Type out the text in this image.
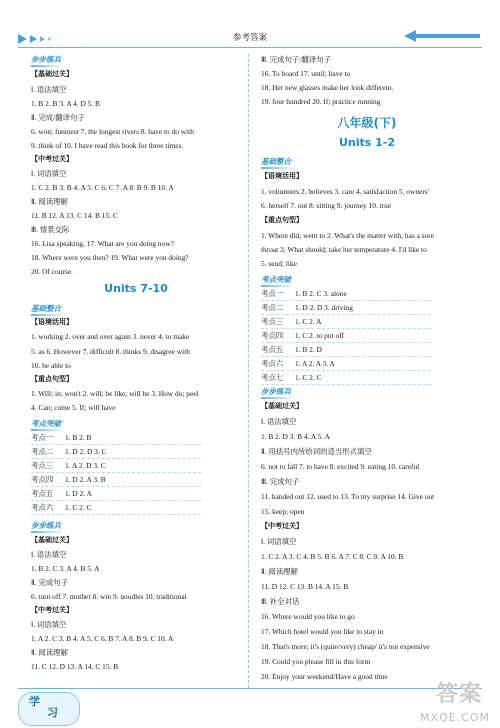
参考答案
步步练兵
【基础过关】
Ⅰ. 语法填空
1. B 2. B 3. A 4. D 5. B
Ⅱ. 完成/翻译句子
6. won; funniest 7. the longest rivers 8. have to do with
9. think of 10. I have read this book for three times.
【中考过关】
Ⅰ. 词语填空
1. C 2. B 3. B 4. A 5. C 6. C 7. A 8. B 9. B 10. A
Ⅱ. 阅读理解
11. B 12. A 13. C 14. B 15. C
Ⅲ. 情景交际
16. Lisa speaking. 17. What are you doing now?
18. Where were you then? 19. What were you doing?
20. Of course.
Units 7-10
基础整合
【语境活用】
1. working 2. over and over again 3. never 4. to make
5. as 6. However 7. difficult 8. thinks 9. disagree with
10. be able to
【重点句型】
1. Will; in; won't 2. will; be like; will be 3. How do; peel
4. Can; come 5. If; will have
考点突破
考点一 1. B 2. B
考点二 1. D 2. D 3. C
考点三 1. A 2. D 3. C
考点四 1. D 2. A 3. B
考点五 1. D 2. A
考点六 1. C 2. C
步步练兵
【基础过关】
Ⅰ. 语法填空
1. B 2. C 3. A 4. B 5. A
Ⅱ. 完成句子
6. turn off 7. mother 8. win 9. noodles 10. traditional
【中考过关】
Ⅰ. 词语填空
1. A 2. C 3. B 4. A 5. C 6. B 7. A 8. B 9. C 10. A
Ⅱ. 阅读理解
11. C 12. D 13. A 14. C 15. B
Ⅲ. 完成句子/翻译句子
16. To board 17. until; have to
18. Her new glasses make her look different.
19. four hundred 20. If; practice running
八年级(下)
Units 1-2
基础整合
【语境活用】
1. volunteers 2. believes 3. care 4. satisfaction 5. owners'
6. herself 7. out 8. sitting 9. journey 10. true
【重点句型】
1. Where did; went to 2. What's the matter with; has a sore
throat 3. What should; take her temperature 4. I'd like to
5. send; like
考点突破
考点一 1. B 2. C 3. alone
考点二 1. D 2. D 3. driving
考点三 1. C 2. A
考点四 1. C 2. to put off
考点五 1. B 2. D
考点六 1. A 2. A 3. A
考点七 1. C 2. C
步步练兵
【基础过关】
Ⅰ. 语法填空
1. B 2. D 3. B 4. A 5. A
Ⅱ. 用括号内所给词的适当形式填空
6. not to fall 7. to have 8. excited 9. eating 10. careful
Ⅲ. 完成句子
11. handed out 12. used to 13. To my surprise 14. Give out
15. keep; open
【中考过关】
Ⅰ. 词语填空
1. C 2. A 3. C 4. B 5. B 6. A 7. C 8. C 9. A 10. B
Ⅱ. 阅读理解
11. D 12. C 13. B 14. A 15. B
Ⅲ. 补全对话
16. Where would you like to go
17. Which hotel would you like to stay in
18. That's more; it's (quite/very) cheap/ it's not expensive
19. Could you please fill in this form
20. Enjoy your weekend/Have a good time
学
习
答案
MXQE.COM
